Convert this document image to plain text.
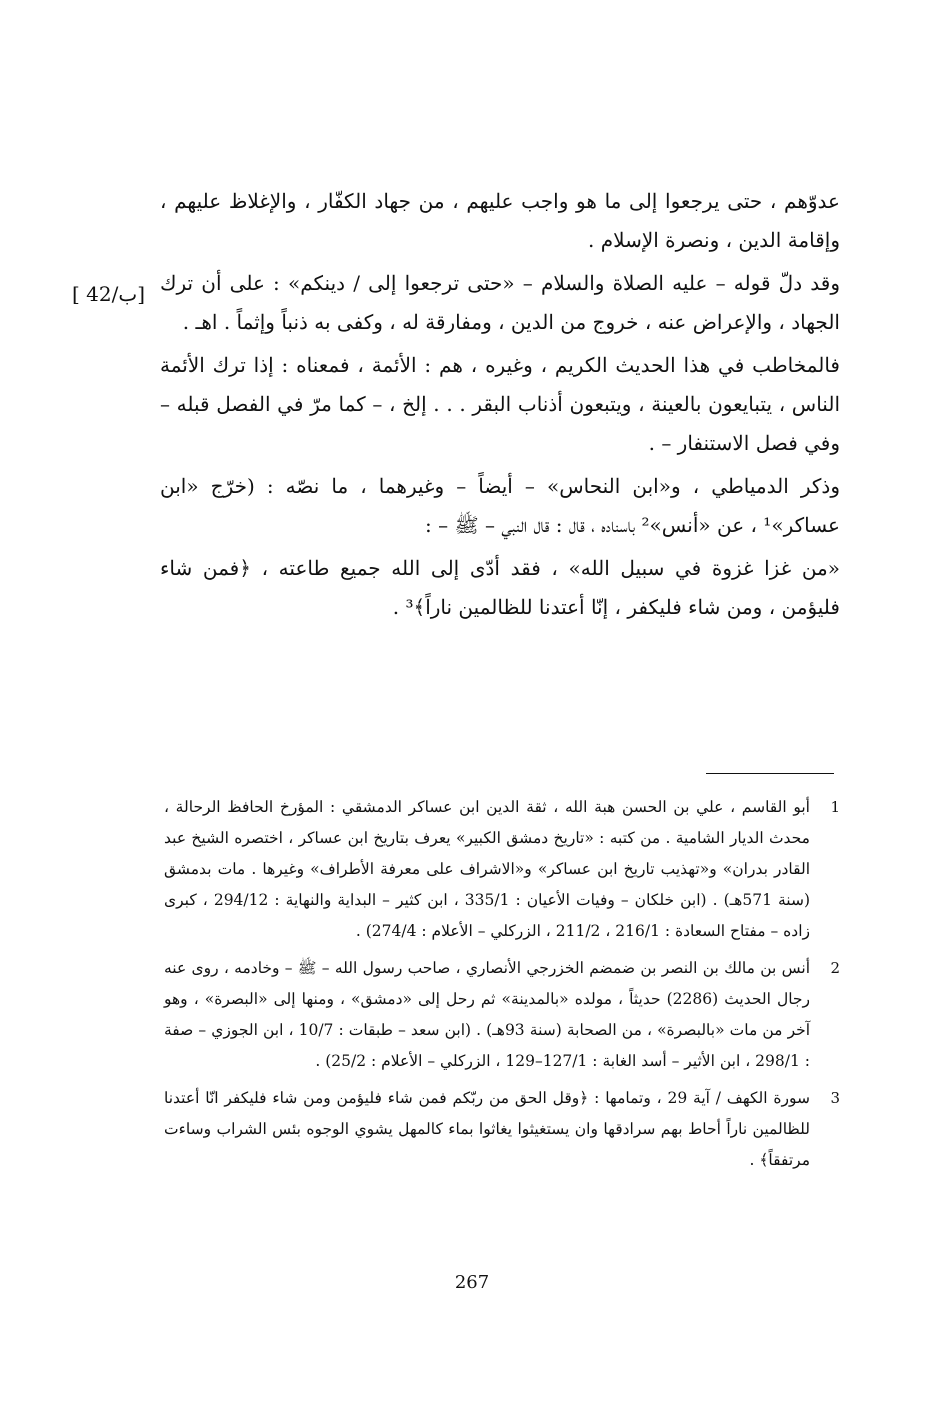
[ 42/ب]

عدوّهم ، حتى يرجعوا إلى ما هو واجب عليهم ، من جهاد الكفّار ، والإغلاظ عليهم ، وإقامة الدين ، ونصرة الإسلام .

وقد دلّ قوله – عليه الصلاة والسلام – «حتى ترجعوا إلى / دينكم» : على أن ترك الجهاد ، والإعراض عنه ، خروج من الدين ، ومفارقة له ، وكفى به ذنباً وإثماً . اهـ .

فالمخاطب في هذا الحديث الكريم ، وغيره ، هم : الأئمة ، فمعناه : إذا ترك الأئمة الناس ، يتبايعون بالعينة ، ويتبعون أذناب البقر . . . إلخ ، – كما مرّ في الفصل قبله – وفي فصل الاستنفار – .

وذكر الدمياطي ، و«ابن النحاس» – أيضاً – وغيرهما ، ما نصّه : (خرّج «ابن عساكر»¹ ، عن «أنس»² باسناده ، قال : قال النبي – ﷺ – :

«من غزا غزوة في سبيل الله» ، فقد أدّى إلى الله جميع طاعته ، ﴿فمن شاء فليؤمن ، ومن شاء فليكفر ، إنّا أعتدنا للظالمين ناراً﴾³ .

1
أبو القاسم ، علي بن الحسن هبة الله ، ثقة الدين ابن عساكر الدمشقي : المؤرخ الحافظ الرحالة ، محدث الديار الشامية . من كتبه : «تاريخ دمشق الكبير» يعرف بتاريخ ابن عساكر ، اختصره الشيخ عبد القادر بدران» و«تهذيب تاريخ ابن عساكر» و«الاشراف على معرفة الأطراف» وغيرها . مات بدمشق (سنة 571هـ) . (ابن خلكان – وفيات الأعيان : 335/1 ، ابن كثير – البداية والنهاية : 294/12 ، كبرى زاده – مفتاح السعادة : 216/1 ، 211/2 ، الزركلي – الأعلام : 274/4) .
2
أنس بن مالك بن النصر بن ضمضم الخزرجي الأنصاري ، صاحب رسول الله – ﷺ – وخادمه ، روى عنه رجال الحديث (2286) حديثاً ، مولده «بالمدينة» ثم رحل إلى «دمشق» ، ومنها إلى «البصرة» ، وهو آخر من مات «بالبصرة» ، من الصحابة (سنة 93هـ) . (ابن سعد – طبقات : 10/7 ، ابن الجوزي – صفة : 298/1 ، ابن الأثير – أسد الغابة : 127/1–129 ، الزركلي – الأعلام : 25/2) .
3
سورة الكهف / آية 29 ، وتمامها : ﴿وقل الحق من ربّكم فمن شاء فليؤمن ومن شاء فليكفر انّا أعتدنا للظالمين ناراً أحاط بهم سرادقها وان يستغيثوا يغاثوا بماء كالمهل يشوي الوجوه بئس الشراب وساءت مرتفقاً﴾ .
267
